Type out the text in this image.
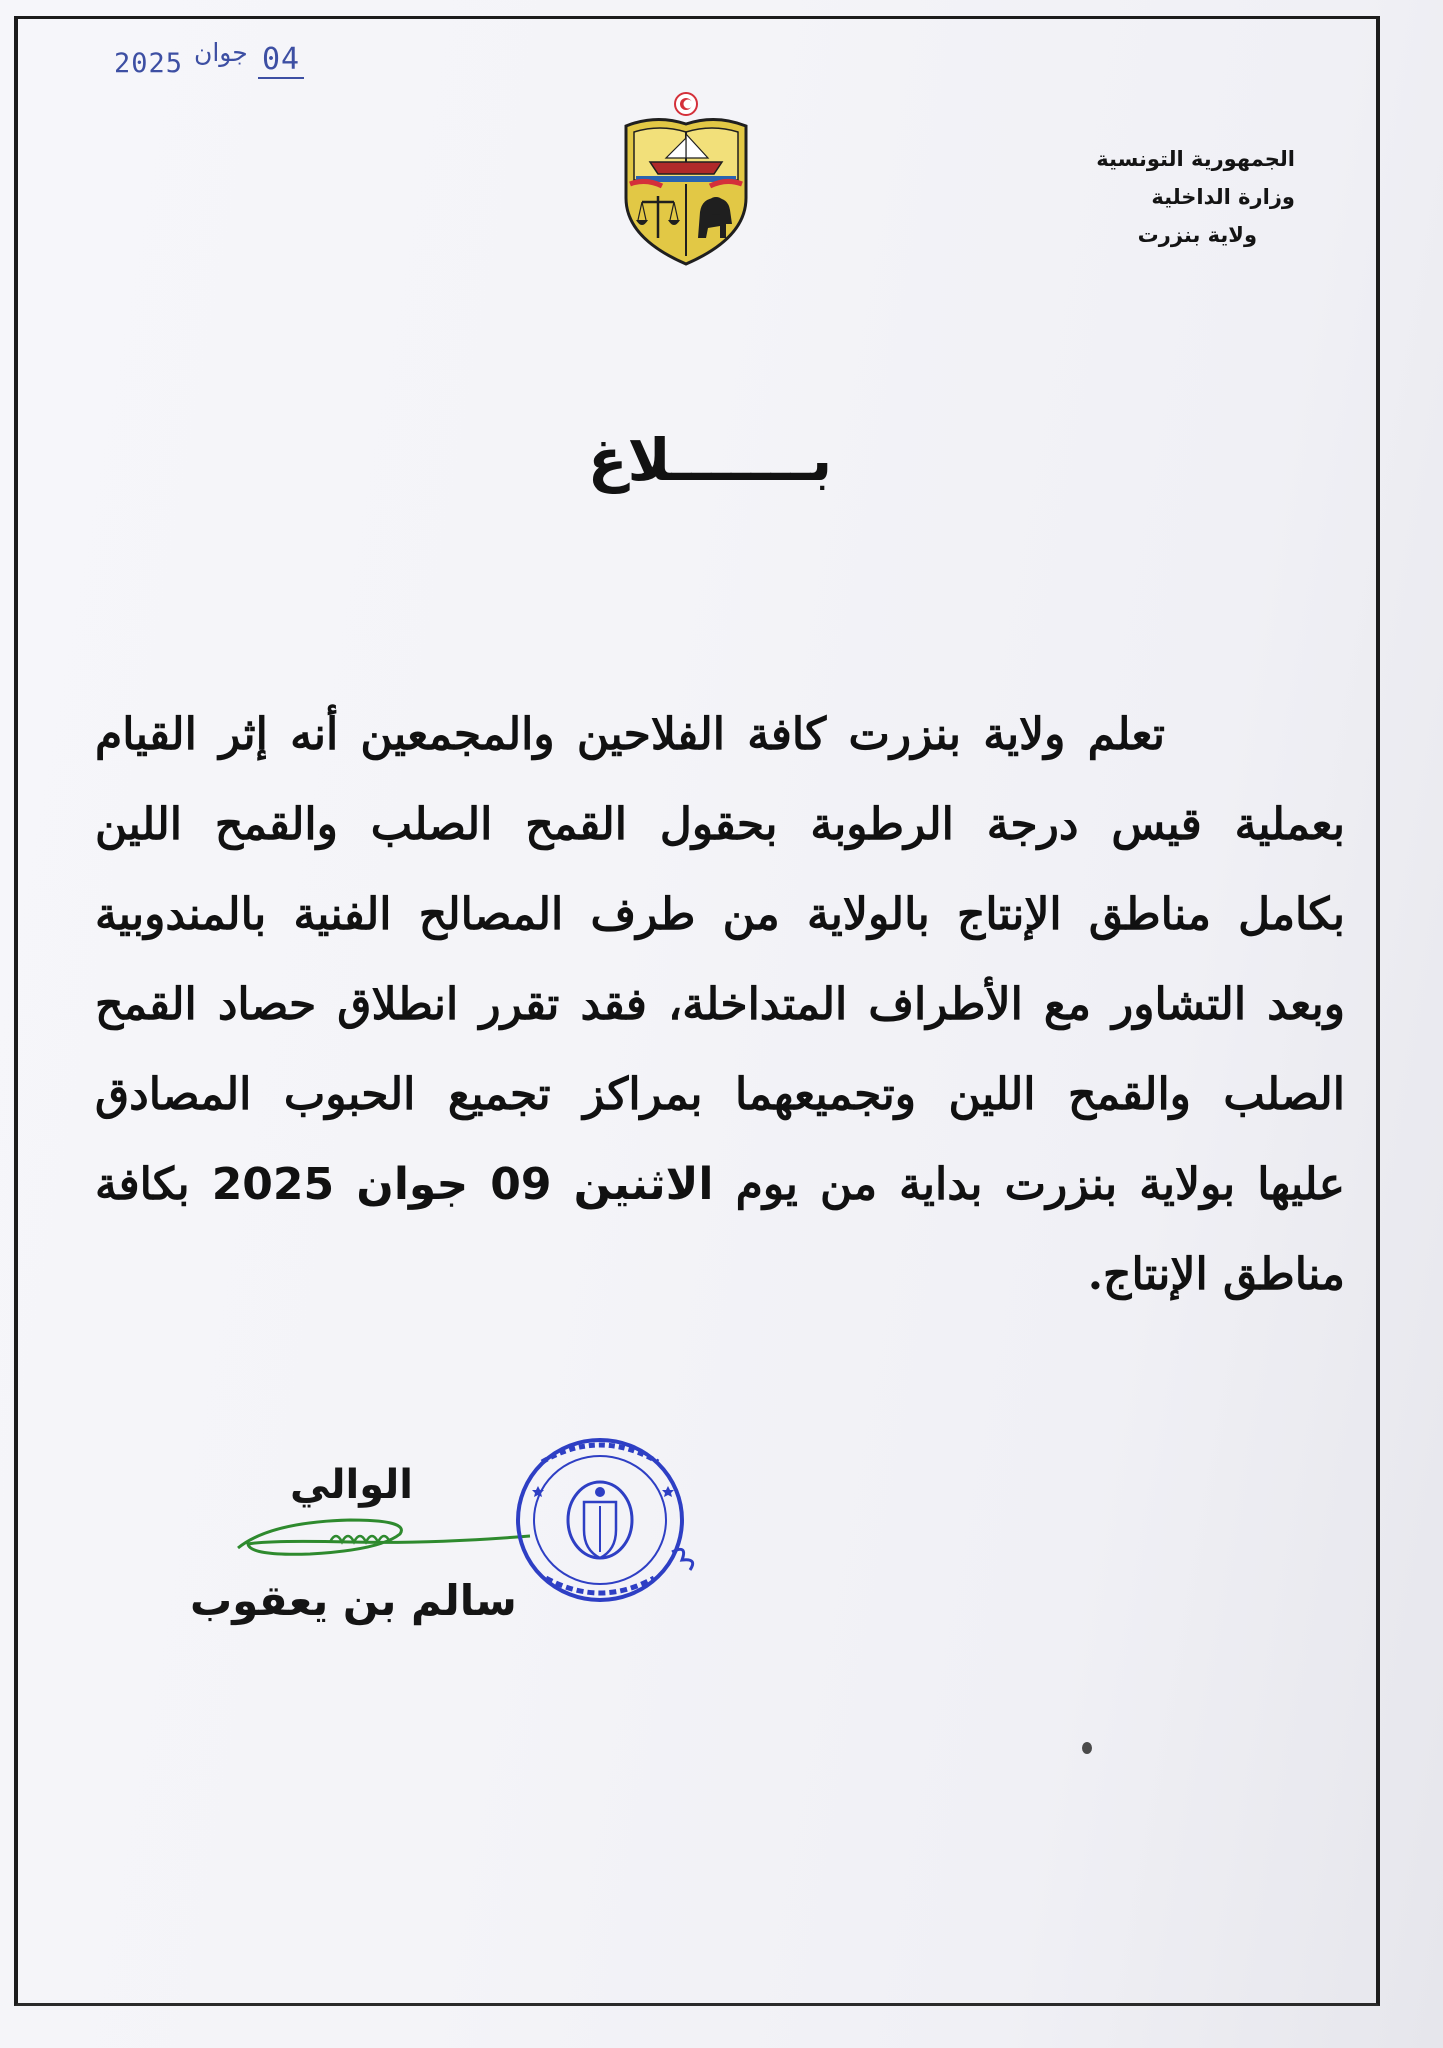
2025 جوان 04
الجمهورية التونسية
وزارة الداخلية
ولاية بنزرت
بـــــــلاغ
تعلم ولاية بنزرت كافة الفلاحين والمجمعين أنه إثر القيام
بعملية قيس درجة الرطوبة بحقول القمح الصلب والقمح اللين
بكامل مناطق الإنتاج بالولاية من طرف المصالح الفنية بالمندوبية
وبعد التشاور مع الأطراف المتداخلة، فقد تقرر انطلاق حصاد القمح
الصلب والقمح اللين وتجميعهما بمراكز تجميع الحبوب المصادق
عليها بولاية بنزرت بداية من يوم الاثنين 09 جوان 2025 بكافة
مناطق الإنتاج.
الوالي
سالم بن يعقوب
